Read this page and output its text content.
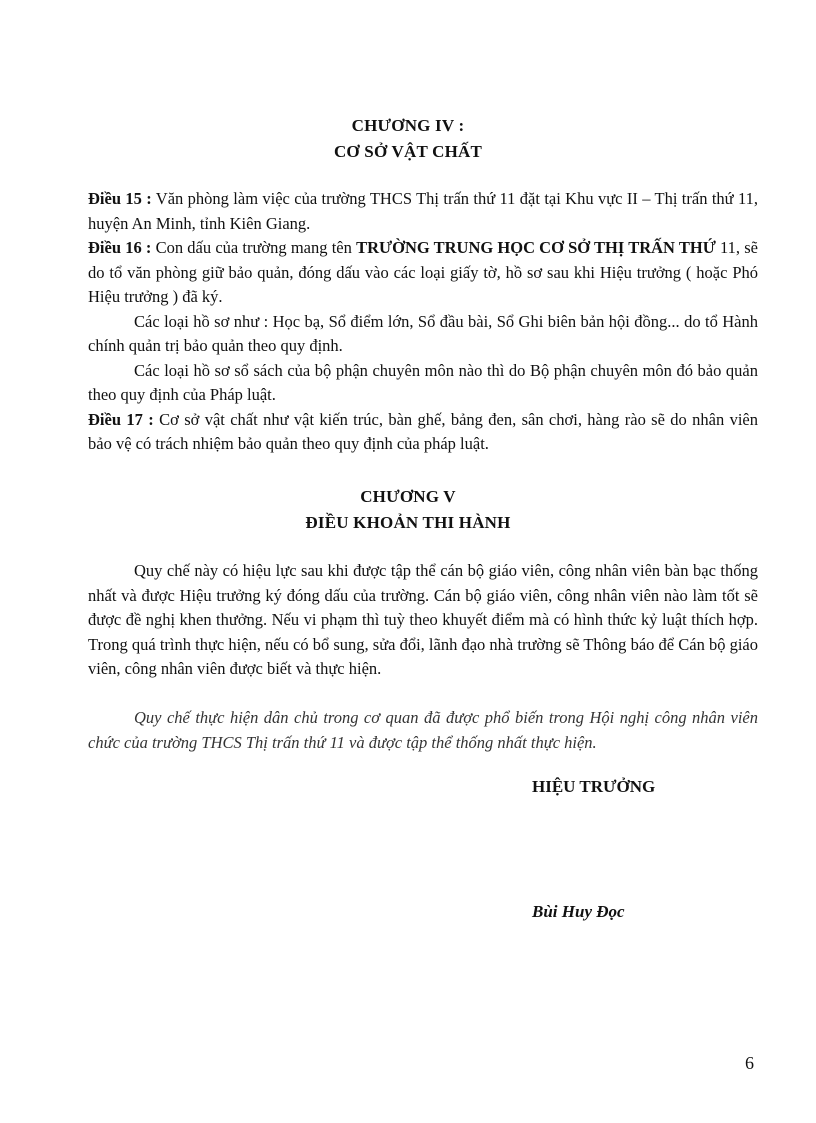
CHƯƠNG IV :
CƠ SỞ VẬT CHẤT

Điều 15 : Văn phòng làm việc của trường THCS Thị trấn thứ 11 đặt tại Khu vực II – Thị trấn thứ 11, huyện An Minh, tỉnh Kiên Giang.

Điều 16 : Con dấu của trường mang tên TRƯỜNG TRUNG HỌC CƠ SỞ THỊ TRẤN THỨ 11, sẽ do tổ văn phòng giữ bảo quản, đóng dấu vào các loại giấy tờ, hồ sơ sau khi Hiệu trưởng ( hoặc Phó Hiệu trưởng ) đã ký.

Các loại hồ sơ như : Học bạ, Sổ điểm lớn, Sổ đầu bài, Sổ Ghi biên bản hội đồng... do tổ Hành chính quản trị bảo quản theo quy định.

Các loại hồ sơ sổ sách của bộ phận chuyên môn nào thì do Bộ phận chuyên môn đó bảo quản theo quy định của Pháp luật.

Điều 17 : Cơ sở vật chất như vật kiến trúc, bàn ghế, bảng đen, sân chơi, hàng rào sẽ do nhân viên bảo vệ có trách nhiệm bảo quản theo quy định của pháp luật.

CHƯƠNG V
ĐIỀU KHOẢN THI HÀNH

Quy chế này có hiệu lực sau khi được tập thể cán bộ giáo viên, công nhân viên bàn bạc thống nhất và được Hiệu trưởng ký đóng dấu của trường. Cán bộ giáo viên, công nhân viên nào làm tốt sẽ được đề nghị khen thưởng. Nếu vi phạm thì tuỳ theo khuyết điểm mà có hình thức kỷ luật thích hợp. Trong quá trình thực hiện, nếu có bổ sung, sửa đổi, lãnh đạo nhà trường sẽ Thông báo để Cán bộ giáo viên, công nhân viên được biết và thực hiện.

Quy chế thực hiện dân chủ trong cơ quan đã được phổ biến trong Hội nghị công nhân viên chức của trường THCS Thị trấn thứ 11 và được tập thể thống nhất thực hiện.

HIỆU TRƯỞNG
Bùi Huy Đọc
6
